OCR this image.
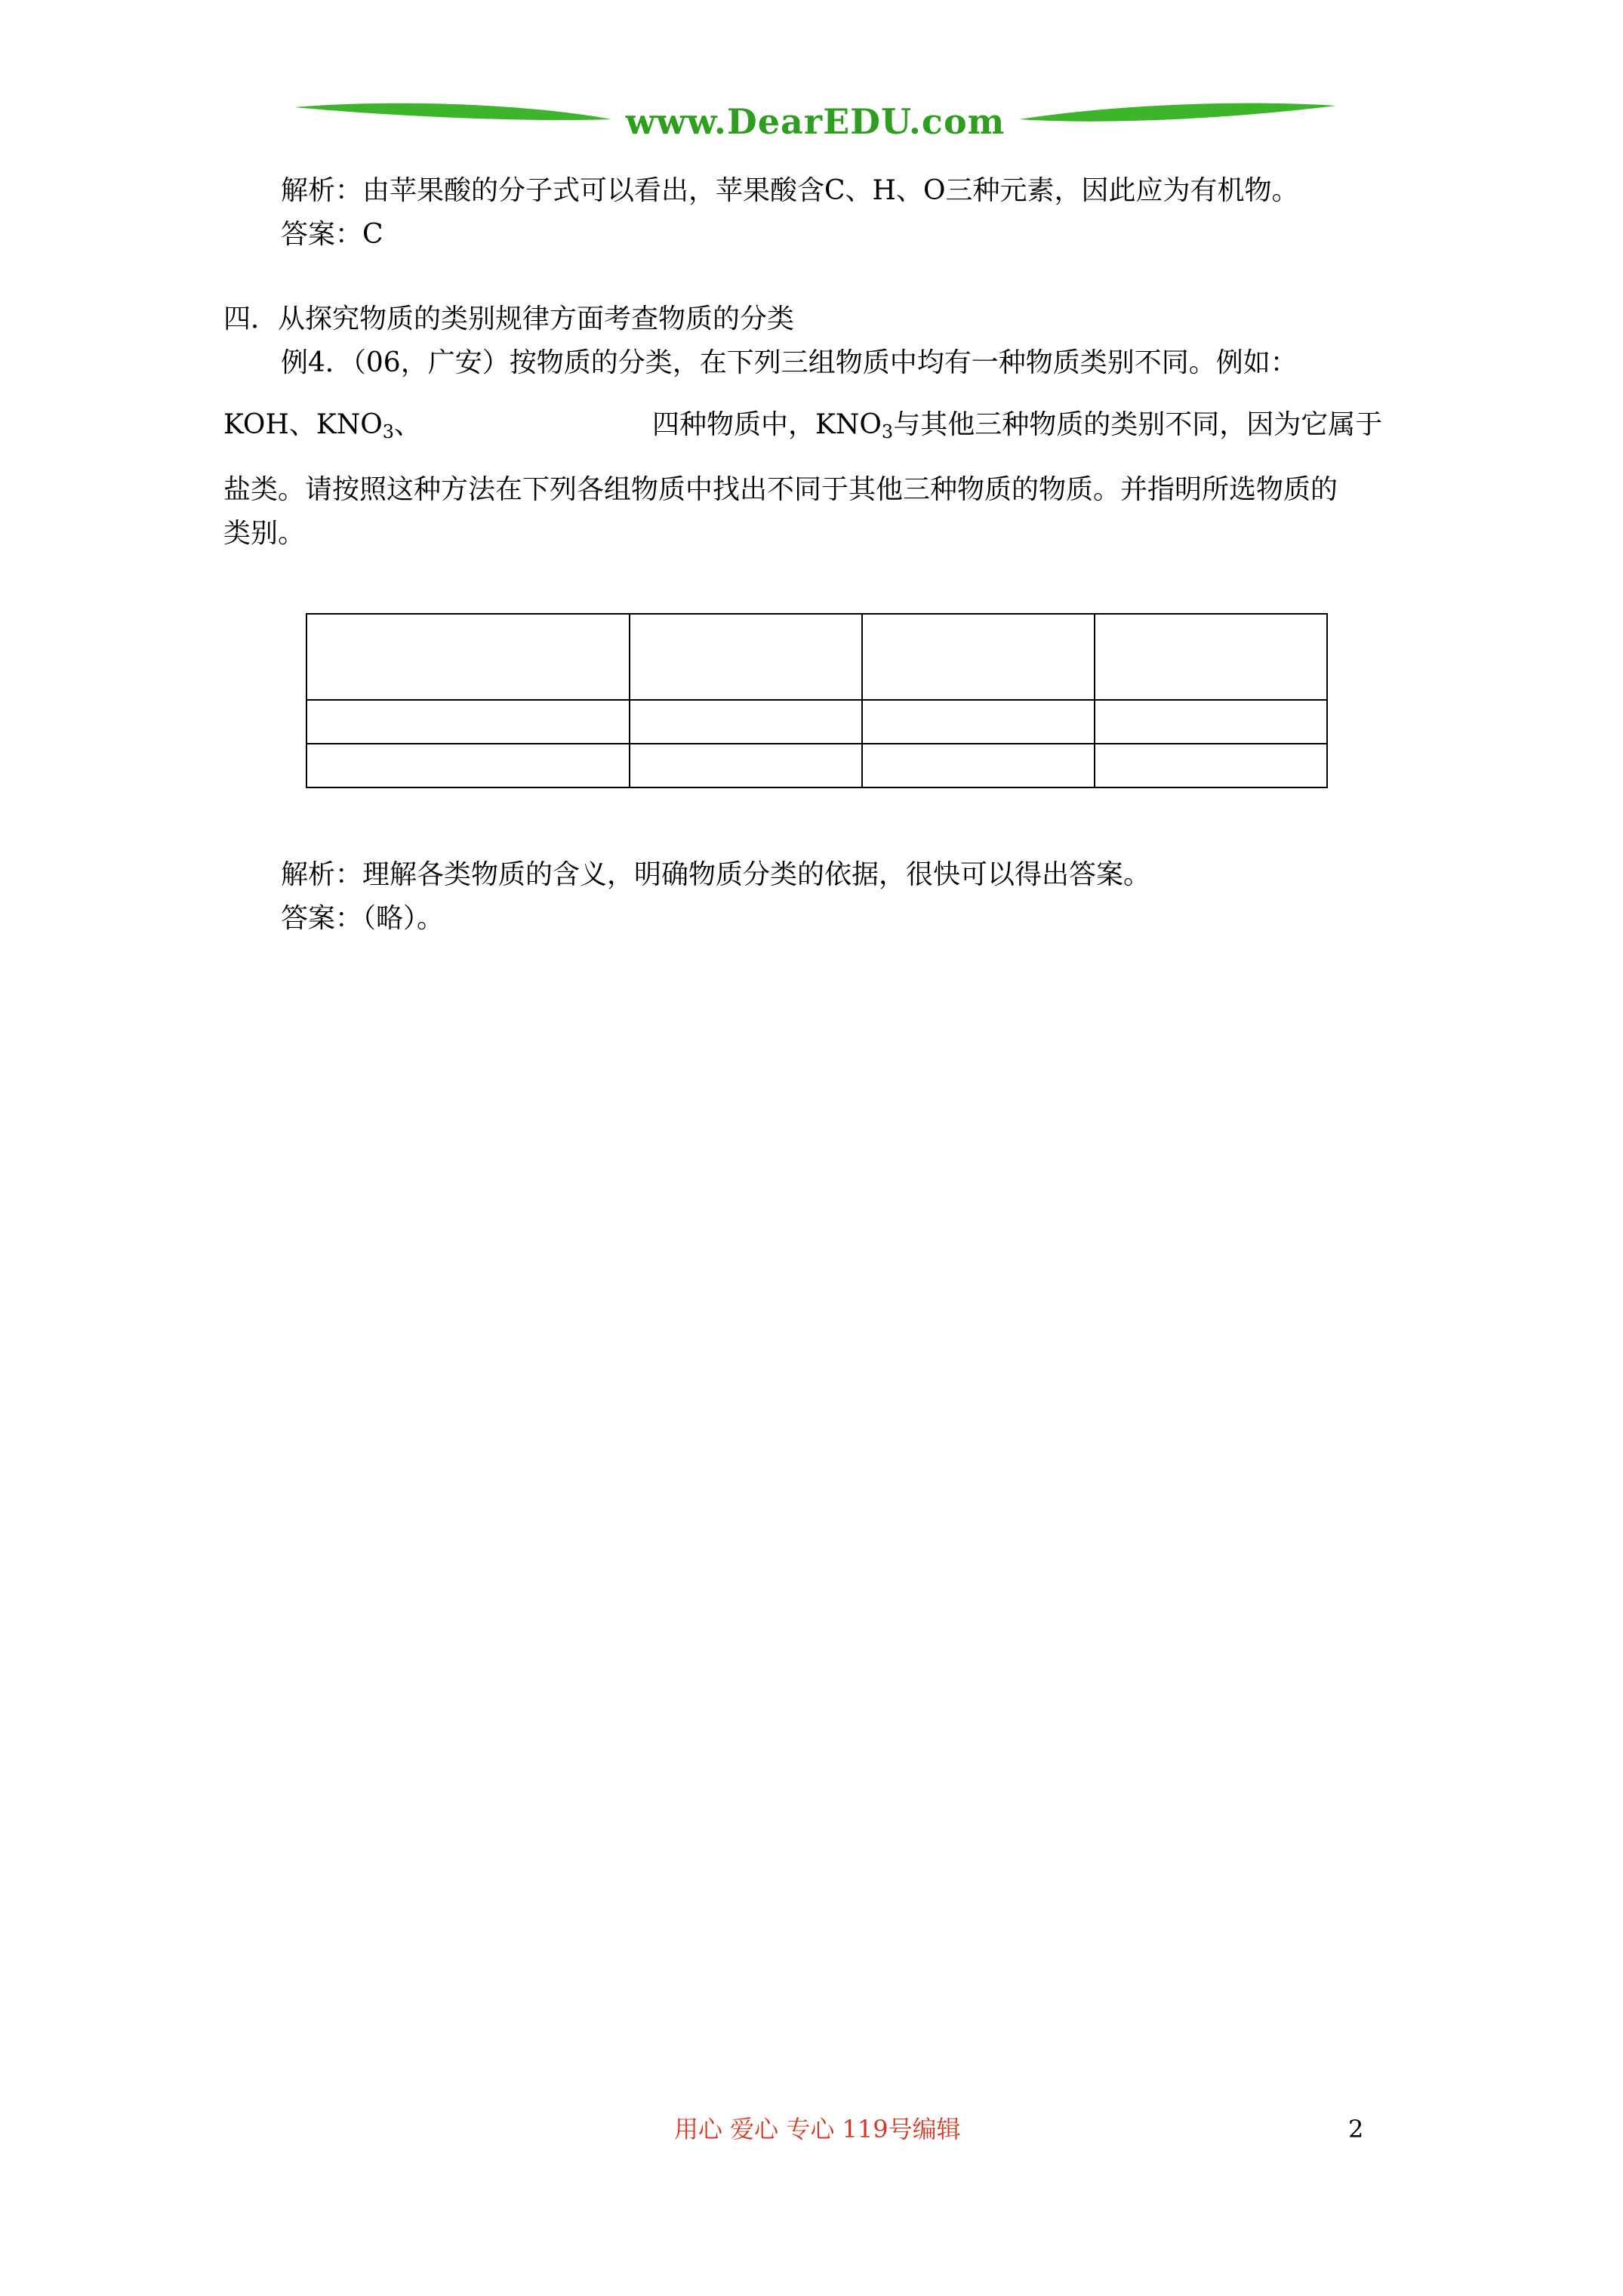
www.DearEDU.com
解析：由苹果酸的分子式可以看出，苹果酸含C、H、O三种元素，因此应为有机物。
答案：C
四．从探究物质的类别规律方面考查物质的分类
例4．（06，广安）按物质的分类，在下列三组物质中均有一种物质类别不同。例如：
KOH、$KNO_3$、	四种物质中，$KNO_3$与其他三种物质的类别不同，因为它属于
盐类。请按照这种方法在下列各组物质中找出不同于其他三种物质的物质。并指明所选物质的
类别。

解析：理解各类物质的含义，明确物质分类的依据，很快可以得出答案。
答案：（略）。
用心 爱心 专心 119号编辑	2
